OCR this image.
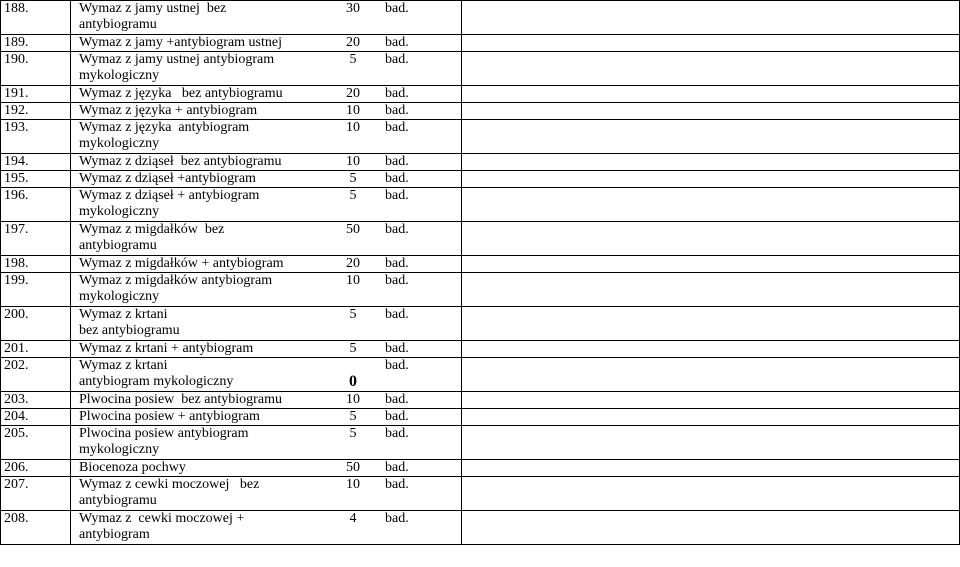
188.	Wymaz z jamy ustnej  bez
antybiogramu
30 bad.	

189.	Wymaz z jamy +antybiogram ustnej 20 bad.	

190.	Wymaz z jamy ustnej antybiogram
mykologiczny
5 bad.	

191.	Wymaz z języka   bez antybiogramu 20 bad.	

192.	Wymaz z języka + antybiogram 10 bad.	

193.	Wymaz z języka  antybiogram
mykologiczny
10 bad.	

194.	Wymaz z dziąseł  bez antybiogramu 10 bad.	

195.	Wymaz z dziąseł +antybiogram 5 bad.	

196.	Wymaz z dziąseł + antybiogram
mykologiczny
5 bad.	

197.	Wymaz z migdałków  bez
antybiogramu
50 bad.	

198.	Wymaz z migdałków + antybiogram 20 bad.	

199.	Wymaz z migdałków antybiogram
mykologiczny
10 bad.	

200.	Wymaz z krtani
bez antybiogramu
5 bad.	

201.	Wymaz z krtani + antybiogram 5 bad.	

202.	Wymaz z krtani
antybiogram mykologiczny 0
bad.	

203.	Plwocina posiew  bez antybiogramu 10 bad.	

204.	Plwocina posiew + antybiogram 5 bad.	

205.	Plwocina posiew antybiogram
mykologiczny
5 bad.	

206.	Biocenoza pochwy 50 bad.	

207.	Wymaz z cewki moczowej   bez
antybiogramu
10 bad.	

208.	Wymaz z  cewki moczowej +
antybiogram
4 bad.	
